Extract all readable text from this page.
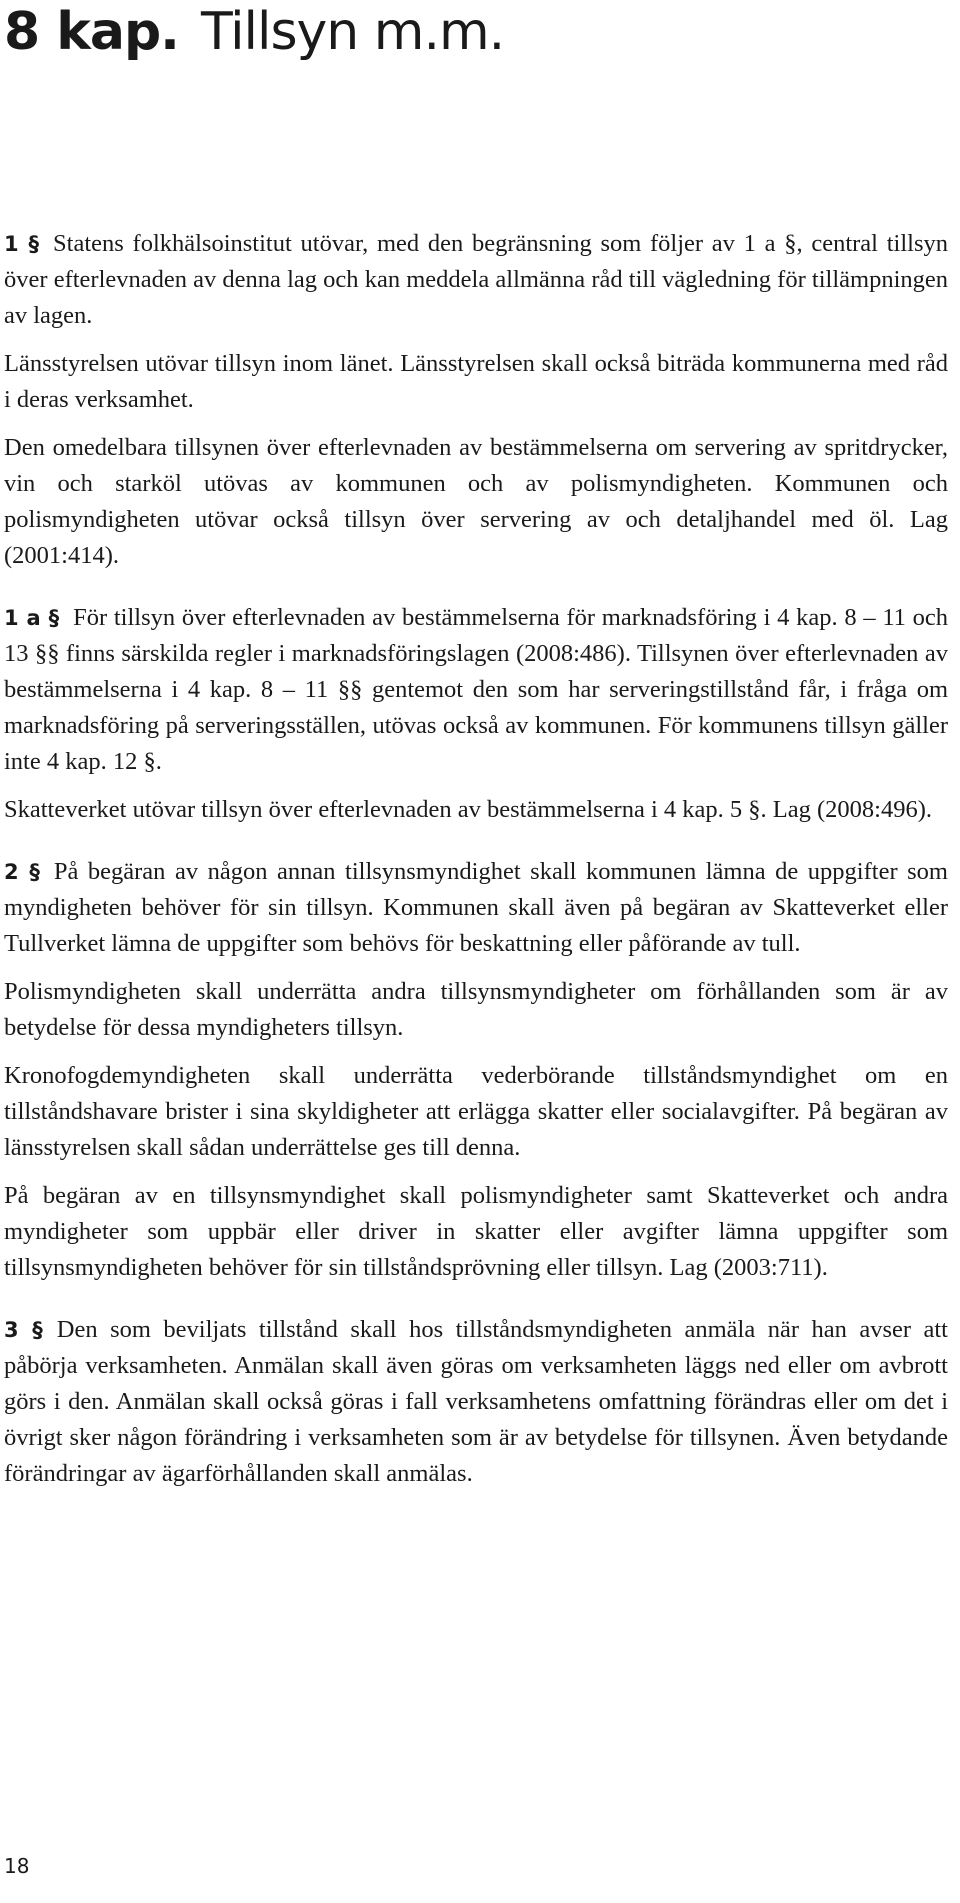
8 kap. Tillsyn m.m.

1 § Statens folkhälsoinstitut utövar, med den begränsning som följer av 1 a §, central tillsyn över efterlevnaden av denna lag och kan meddela allmänna råd till vägledning för tillämpningen av lagen.

Länsstyrelsen utövar tillsyn inom länet. Länsstyrelsen skall också biträda kommunerna med råd i deras verksamhet.

Den omedelbara tillsynen över efterlevnaden av bestämmelserna om servering av spritdrycker, vin och starköl utövas av kommunen och av polismyndigheten. Kommunen och polismyndigheten utövar också tillsyn över servering av och detaljhandel med öl. Lag (2001:414).

1 a § För tillsyn över efterlevnaden av bestämmelserna för marknadsföring i 4 kap. 8 – 11 och 13 §§ finns särskilda regler i marknadsföringslagen (2008:486). Tillsynen över efterlevnaden av bestämmelserna i 4 kap. 8 – 11 §§ gentemot den som har serveringstillstånd får, i fråga om marknadsföring på serveringsställen, utövas också av kommunen. För kommunens tillsyn gäller inte 4 kap. 12 §.

Skatteverket utövar tillsyn över efterlevnaden av bestämmelserna i 4 kap. 5 §. Lag (2008:496).

2 § På begäran av någon annan tillsynsmyndighet skall kommunen lämna de uppgifter som myndigheten behöver för sin tillsyn. Kommunen skall även på begäran av Skatteverket eller Tullverket lämna de uppgifter som behövs för beskattning eller påförande av tull.

Polismyndigheten skall underrätta andra tillsynsmyndigheter om förhållanden som är av betydelse för dessa myndigheters tillsyn.

Kronofogdemyndigheten skall underrätta vederbörande tillståndsmyndighet om en tillståndshavare brister i sina skyldigheter att erlägga skatter eller socialavgifter. På begäran av länsstyrelsen skall sådan underrättelse ges till denna.

På begäran av en tillsynsmyndighet skall polismyndigheter samt Skatteverket och andra myndigheter som uppbär eller driver in skatter eller avgifter lämna uppgifter som tillsynsmyndigheten behöver för sin tillståndsprövning eller tillsyn. Lag (2003:711).

3 § Den som beviljats tillstånd skall hos tillståndsmyndigheten anmäla när han avser att påbörja verksamheten. Anmälan skall även göras om verksamheten läggs ned eller om avbrott görs i den. Anmälan skall också göras i fall verksamhetens omfattning förändras eller om det i övrigt sker någon förändring i verksamheten som är av betydelse för tillsynen. Även betydande förändringar av ägarförhållanden skall anmälas.

18
